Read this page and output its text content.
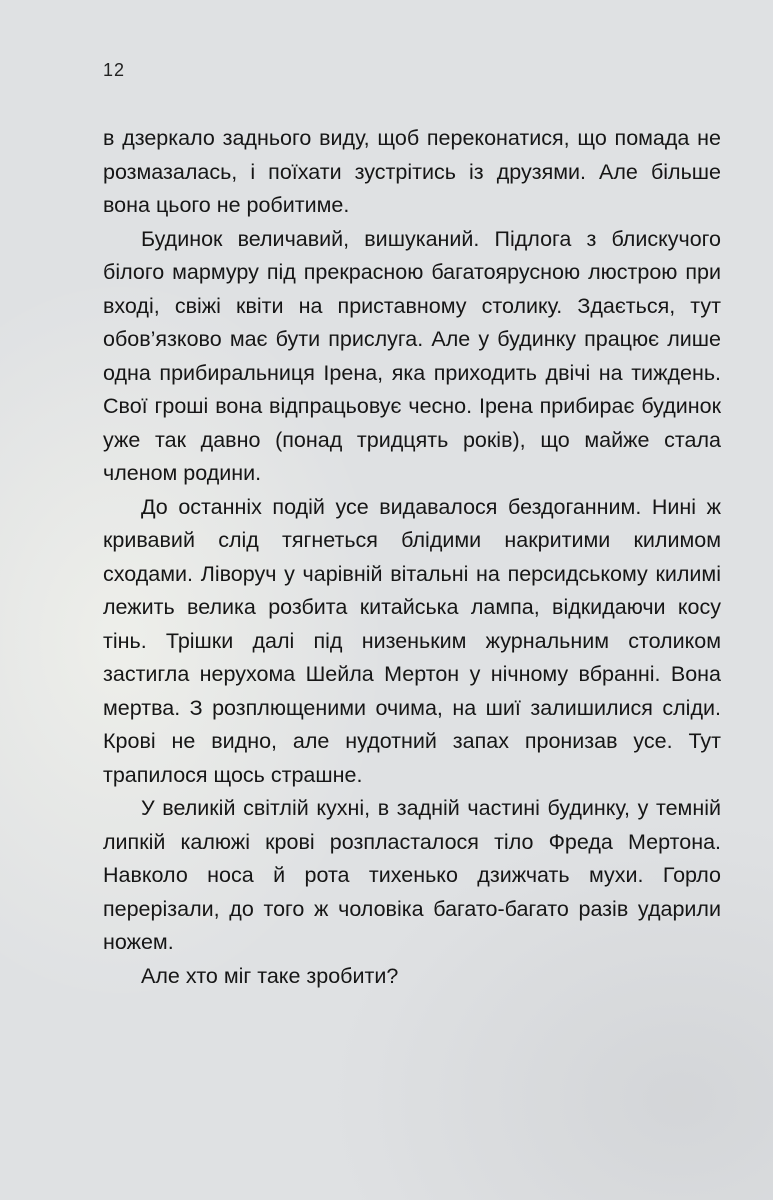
12

в дзеркало заднього виду, щоб переконатися, що помада не розмазалась, і поїхати зустрітись із друзями. Але більше вона цього не робитиме.

Будинок величавий, вишуканий. Підлога з блискучого білого мармуру під прекрасною багатоярусною люстрою при вході, свіжі квіти на приставному столику. Здається, тут обов’язково має бути прислуга. Але у будинку працює лише одна прибиральниця Ірена, яка приходить двічі на тиждень. Свої гроші вона відпрацьовує чесно. Ірена прибирає будинок уже так давно (понад тридцять років), що майже стала членом родини.

До останніх подій усе видавалося бездоганним. Нині ж кривавий слід тягнеться блідими накритими килимом сходами. Ліворуч у чарівній вітальні на персидському килимі лежить велика розбита китайська лампа, відкидаючи косу тінь. Трішки далі під низеньким журнальним столиком застигла нерухома Шейла Мертон у нічному вбранні. Вона мертва. З розплющеними очима, на шиї залишилися сліди. Крові не видно, але нудотний запах пронизав усе. Тут трапилося щось страшне.

У великій світлій кухні, в задній частині будинку, у темній липкій калюжі крові розпласталося тіло Фреда Мертона. Навколо носа й рота тихенько дзижчать мухи. Горло перерізали, до того ж чоловіка багато-багато разів ударили ножем.

Але хто міг таке зробити?
